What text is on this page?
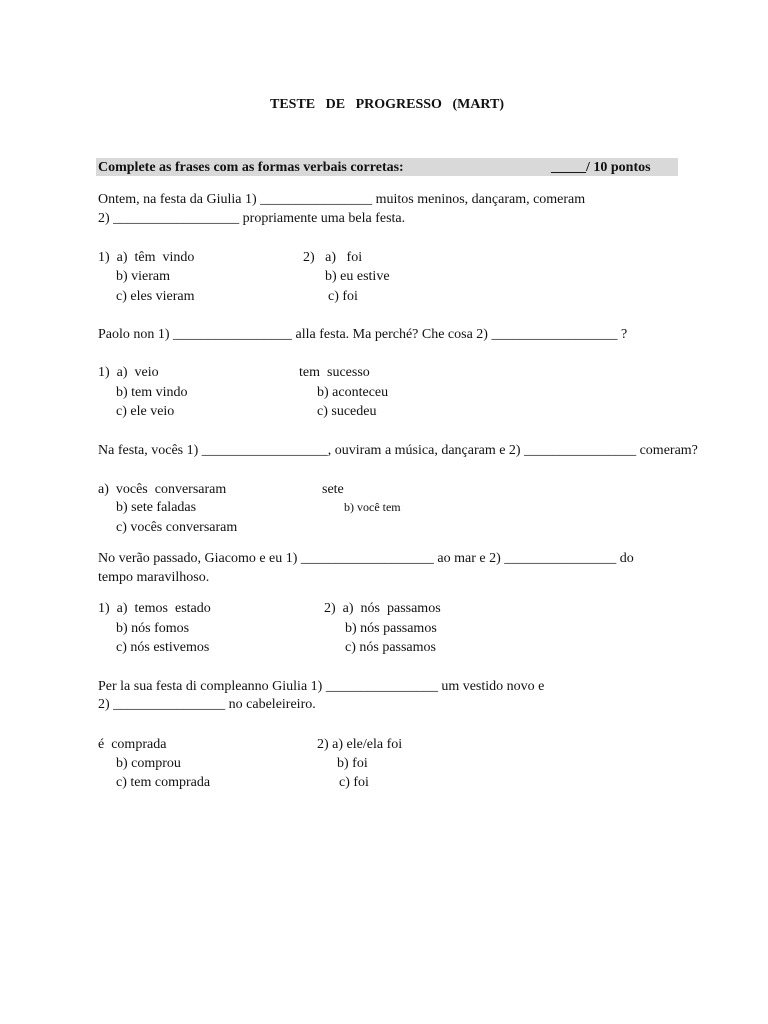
TESTE   DE   PROGRESSO   (MART)
Complete as frases com as formas verbais corretas:	_____/ 10 pontos
Ontem, na festa da Giulia 1) ________________ muitos meninos, dançaram, comeram
2) __________________ propriamente uma bela festa.
1)  a)  têm  vindo
b) vieram
c) eles vieram
2)   a)   foi
b) eu estive
c) foi
Paolo non 1) _________________ alla festa. Ma perché? Che cosa 2) __________________ ?
1)  a)  veio
b) tem vindo
c) ele veio
tem  sucesso
b) aconteceu
c) sucedeu
Na festa, vocês 1) __________________, ouviram a música, dançaram e 2) ________________ comeram?
a)  vocês  conversaram
b) sete faladas
c) vocês conversaram
sete
b) você tem
No verão passado, Giacomo e eu 1) ___________________ ao mar e 2) ________________ do
tempo maravilhoso.
1)  a)  temos  estado
b) nós fomos
c) nós estivemos
2)  a)  nós  passamos
b) nós passamos
c) nós passamos
Per la sua festa di compleanno Giulia 1) ________________ um vestido novo e
2) ________________ no cabeleireiro.
é  comprada
b) comprou
c) tem comprada
2) a) ele/ela foi
b) foi
c) foi
